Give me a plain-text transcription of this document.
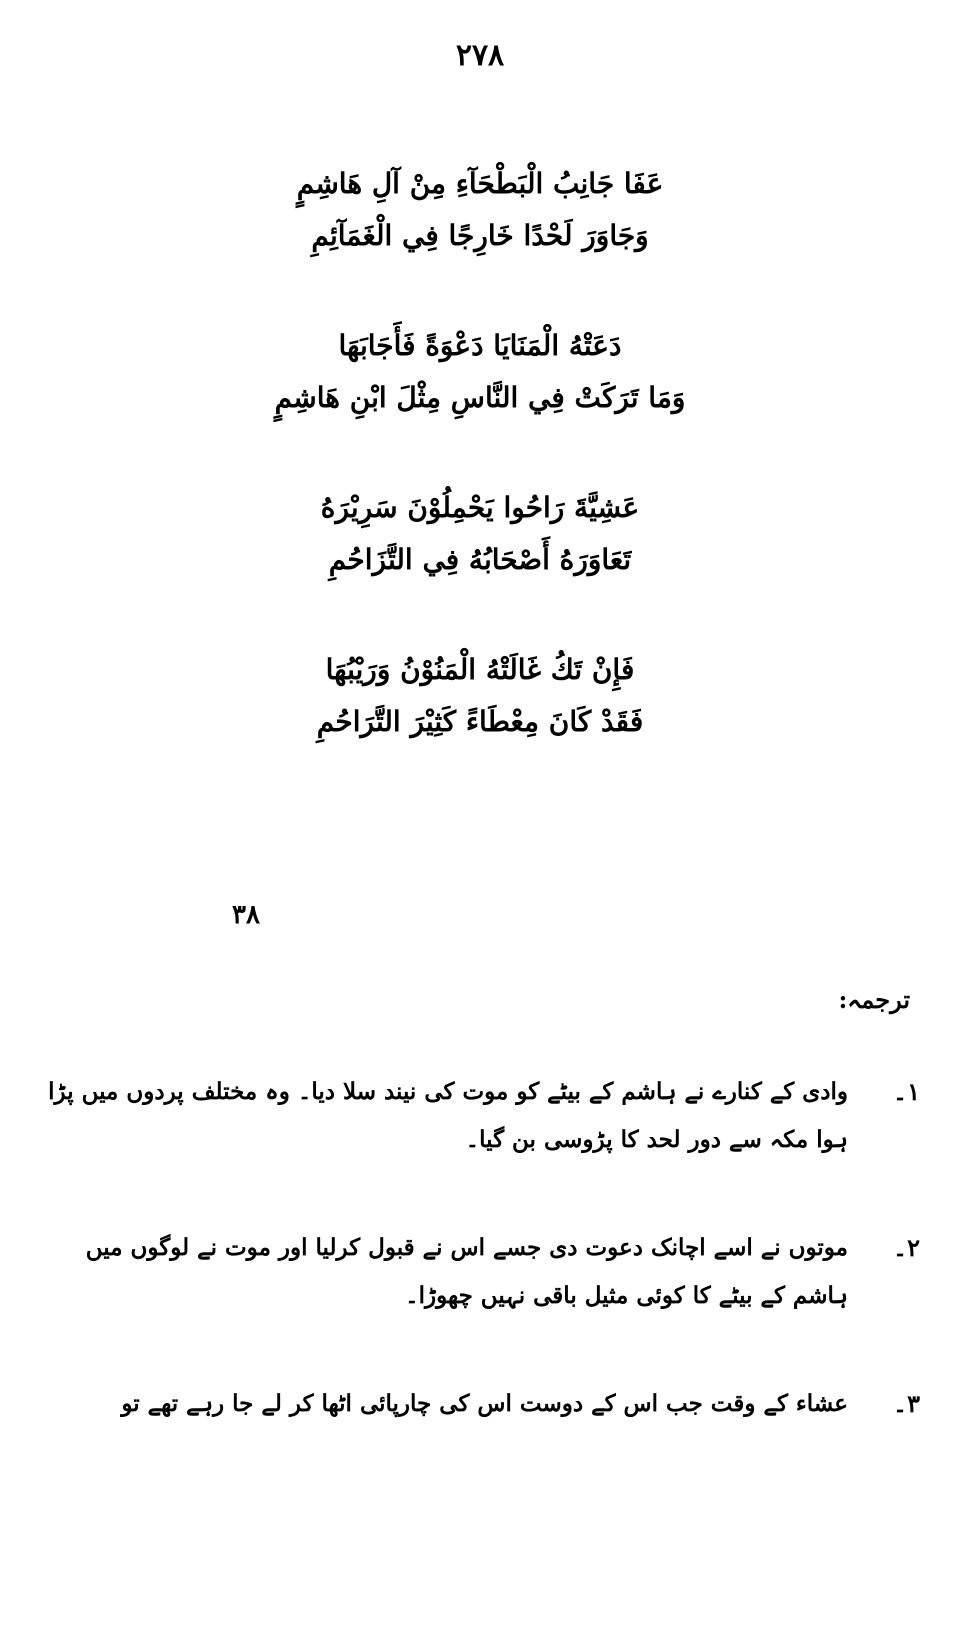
۲۷۸
عَفَا جَانِبُ الْبَطْحَآءِ مِنْ آلِ هَاشِمٍ
وَجَاوَرَ لَحْدًا خَارِجًا فِي الْغَمَآئِمِ
دَعَتْهُ الْمَنَايَا دَعْوَةً فَأَجَابَهَا
وَمَا تَرَكَتْ فِي النَّاسِ مِثْلَ ابْنِ هَاشِمٍ
عَشِيَّةَ رَاحُوا يَحْمِلُوْنَ سَرِيْرَهُ
تَعَاوَرَهُ أَصْحَابُهُ فِي التَّزَاحُمِ
فَإِنْ تَكُ غَالَتْهُ الْمَنُوْنُ وَرَيْبُهَا
فَقَدْ كَانَ مِعْطَاءً كَثِيْرَ التَّرَاحُمِ
۳۸
ترجمہ:
۱۔
وادی کے کنارے نے ہاشم کے بیٹے کو موت کی نیند سلا دیا۔ وہ مختلف پردوں میں پڑا ہوا مکہ سے دور لحد کا پڑوسی بن گیا۔
۲۔
موتوں نے اسے اچانک دعوت دی جسے اس نے قبول کرلیا اور موت نے لوگوں میں ہاشم کے بیٹے کا کوئی مثیل باقی نہیں چھوڑا۔
۳۔
عشاء کے وقت جب اس کے دوست اس کی چارپائی اٹھا کر لے جا رہے تھے تو
